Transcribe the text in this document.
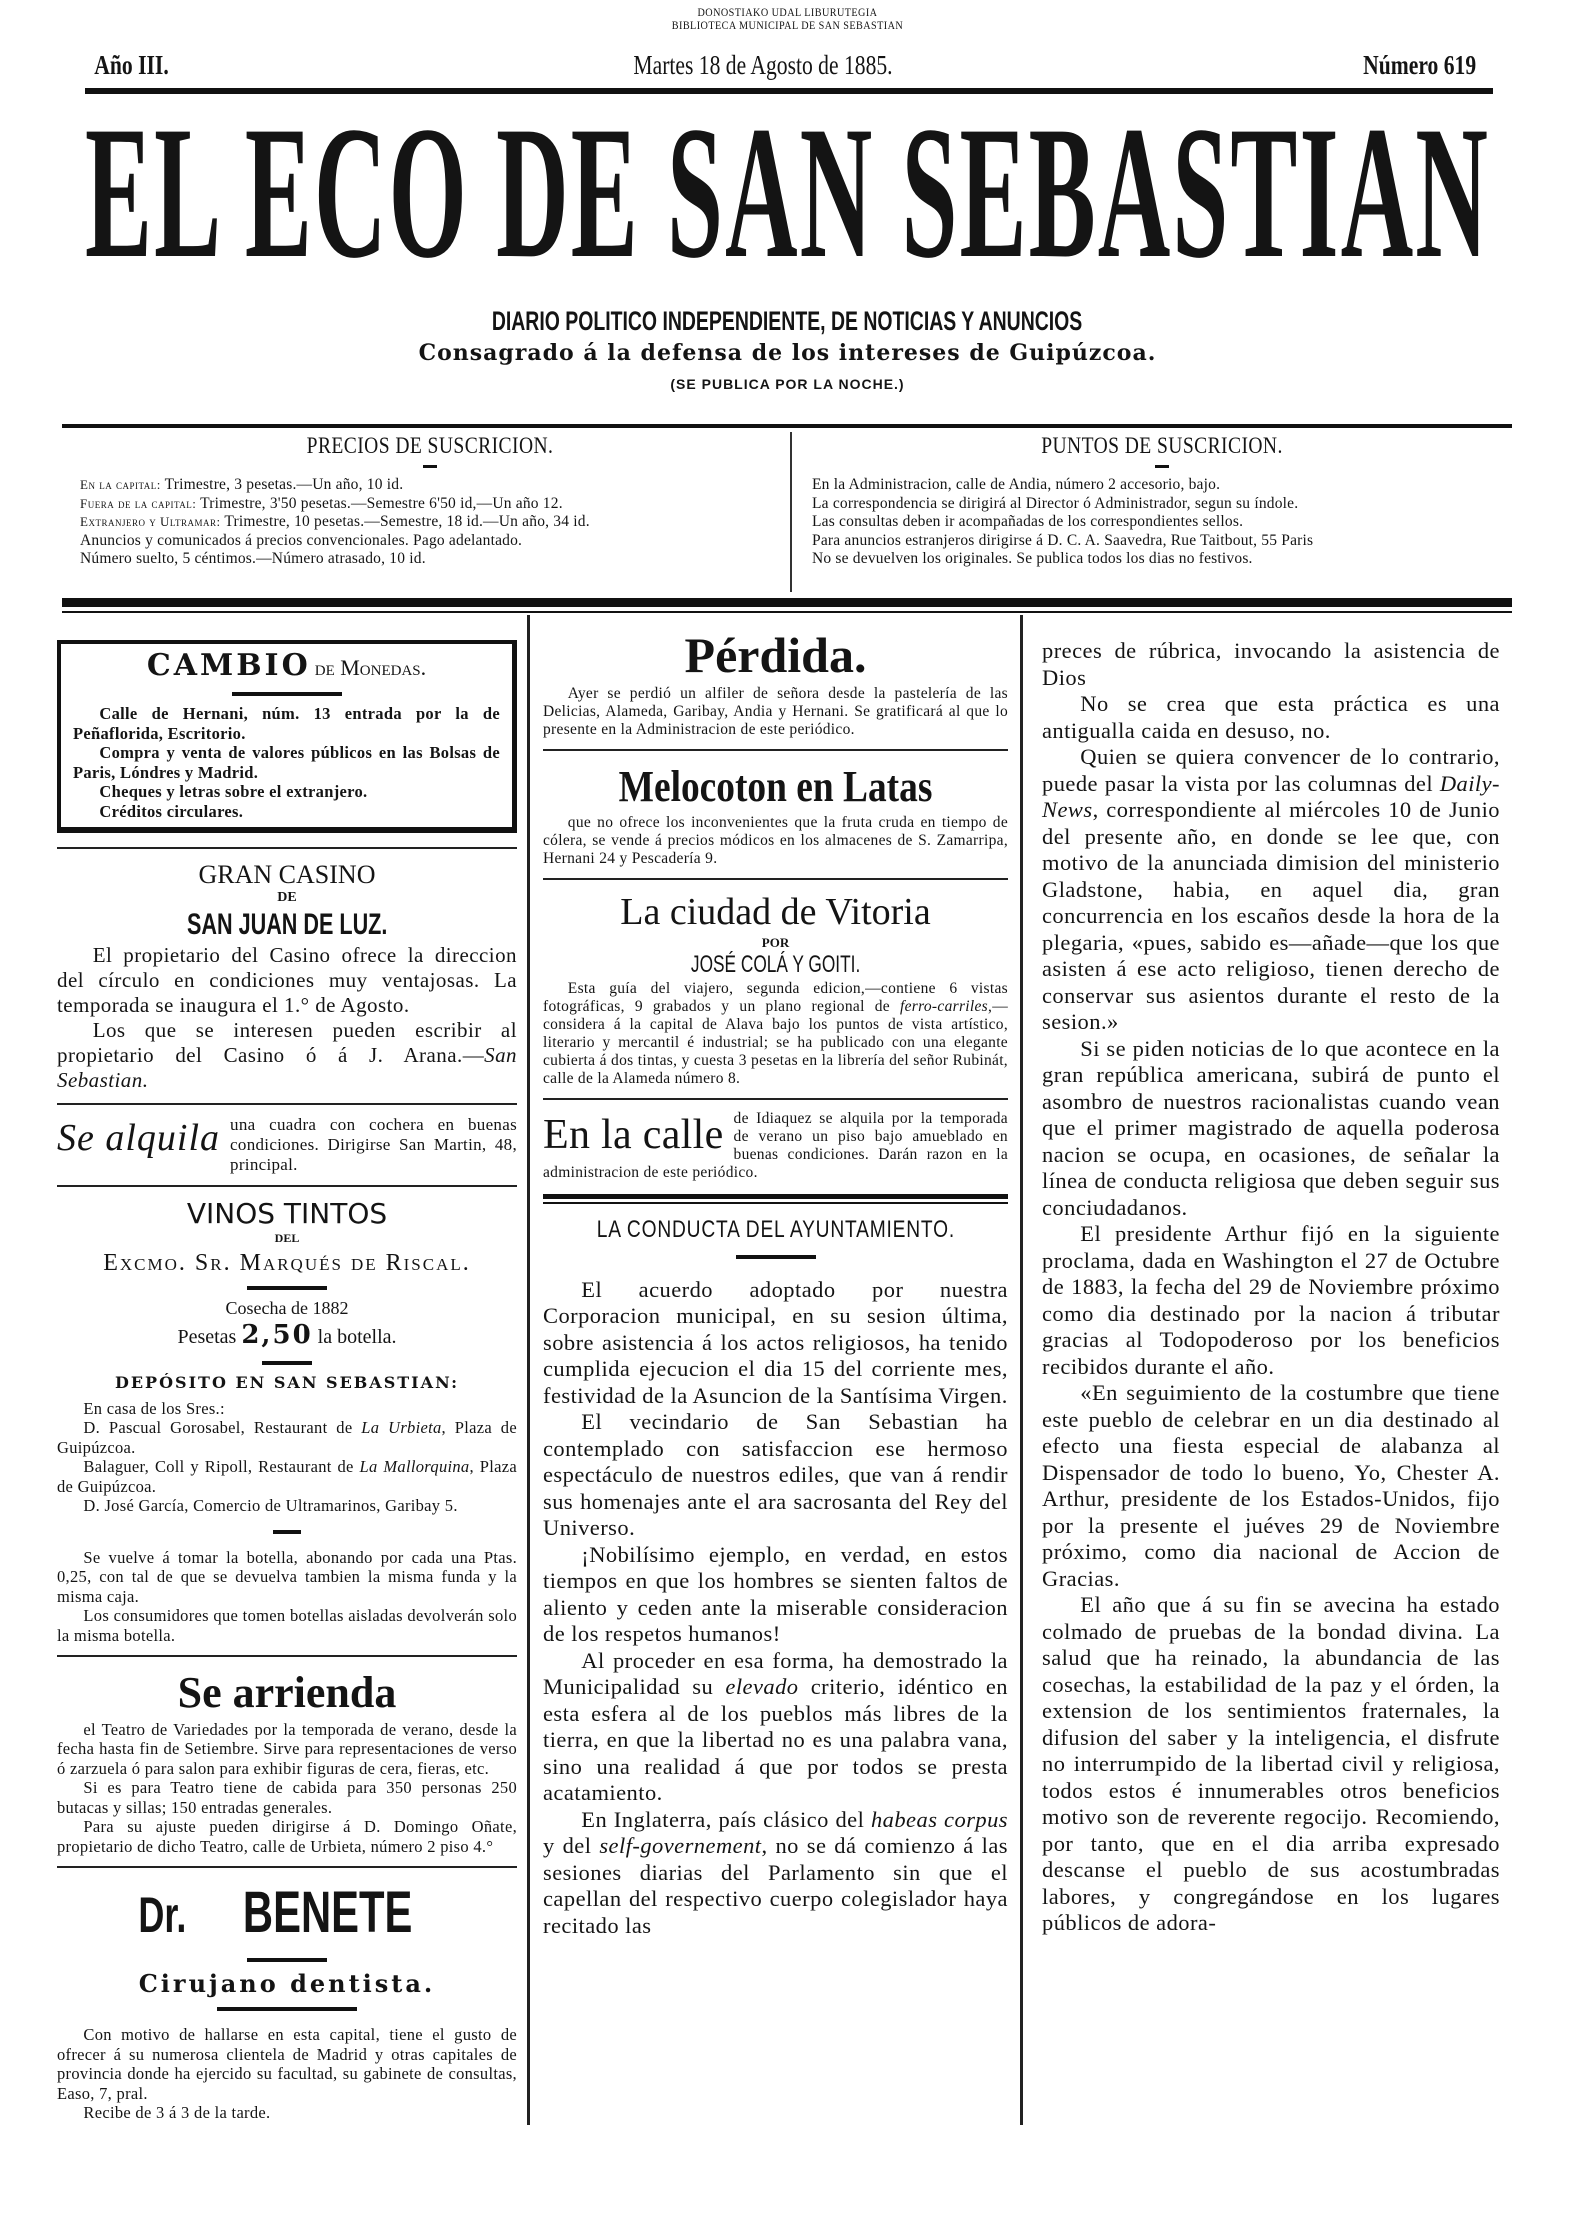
DONOSTIAKO UDAL LIBURUTEGIA
BIBLIOTECA MUNICIPAL DE SAN SEBASTIAN
Año III.	Martes 18 de Agosto de 1885.	Número 619
EL ECO DE SAN SEBASTIAN
DIARIO POLITICO INDEPENDIENTE, DE NOTICIAS Y ANUNCIOS
Consagrado á la defensa de los intereses de Guipúzcoa.
(SE PUBLICA POR LA NOCHE.)
PRECIOS DE SUSCRICION.
En la capital: Trimestre, 3 pesetas.—Un año, 10 id.
Fuera de la capital: Trimestre, 3'50 pesetas.—Semestre 6'50 id,—Un año 12.
Extranjero y Ultramar: Trimestre, 10 pesetas.—Semestre, 18 id.—Un año, 34 id.
Anuncios y comunicados á precios convencionales. Pago adelantado.
Número suelto, 5 céntimos.—Número atrasado, 10 id.
PUNTOS DE SUSCRICION.
En la Administracion, calle de Andia, número 2 accesorio, bajo.
La correspondencia se dirigirá al Director ó Administrador, segun su índole.
Las consultas deben ir acompañadas de los correspondientes sellos.
Para anuncios estranjeros dirigirse á D. C. A. Saavedra, Rue Taitbout, 55 Paris
No se devuelven los originales. Se publica todos los dias no festivos.
CAMBIO de Monedas.

Calle de Hernani, núm. 13 entrada por la de Peñaflorida, Escritorio.

Compra y venta de valores públicos en las Bolsas de Paris, Lóndres y Madrid.

Cheques y letras sobre el extranjero.

Créditos circulares.

GRAN CASINO
DE
SAN JUAN DE LUZ.

El propietario del Casino ofrece la direccion del círculo en condiciones muy ventajosas. La temporada se inaugura el 1.° de Agosto.

Los que se interesen pueden escribir al propietario del Casino ó á J. Arana.—San Sebastian.

Se alquila una cuadra con cochera en buenas condiciones. Dirigirse San Martin, 48, principal.
VINOS TINTOS
DEL
Excmo. Sr. Marqués de Riscal.
Cosecha de 1882
Pesetas 2,50 la botella.
DEPÓSITO EN SAN SEBASTIAN:

En casa de los Sres.:

D. Pascual Gorosabel, Restaurant de La Urbieta, Plaza de Guipúzcoa.

Balaguer, Coll y Ripoll, Restaurant de La Mallorquina, Plaza de Guipúzcoa.

D. José García, Comercio de Ultramarinos, Garibay 5.

Se vuelve á tomar la botella, abonando por cada una Ptas. 0,25, con tal de que se devuelva tambien la misma funda y la misma caja.

Los consumidores que tomen botellas aisladas devolverán solo la misma botella.

Se arrienda

el Teatro de Variedades por la temporada de verano, desde la fecha hasta fin de Setiembre. Sirve para representaciones de verso ó zarzuela ó para salon para exhibir figuras de cera, fieras, etc.

Si es para Teatro tiene de cabida para 350 personas 250 butacas y sillas; 150 entradas generales.

Para su ajuste pueden dirigirse á D. Domingo Oñate, propietario de dicho Teatro, calle de Urbieta, número 2 piso 4.°

Dr. BENETE
Cirujano dentista.

Con motivo de hallarse en esta capital, tiene el gusto de ofrecer á su numerosa clientela de Madrid y otras capitales de provincia donde ha ejercido su facultad, su gabinete de consultas, Easo, 7, pral.

Recibe de 3 á 3 de la tarde.

Pérdida.

Ayer se perdió un alfiler de señora desde la pastelería de las Delicias, Alameda, Garibay, Andia y Hernani. Se gratificará al que lo presente en la Administracion de este periódico.

Melocoton en Latas

que no ofrece los inconvenientes que la fruta cruda en tiempo de cólera, se vende á precios módicos en los almacenes de S. Zamarripa, Hernani 24 y Pescadería 9.

La ciudad de Vitoria
POR
JOSÉ COLÁ Y GOITI.

Esta guía del viajero, segunda edicion,—contiene 6 vistas fotográficas, 9 grabados y un plano regional de ferro-carriles,—considera á la capital de Alava bajo los puntos de vista artístico, literario y mercantil é industrial; se ha publicado con una elegante cubierta á dos tintas, y cuesta 3 pesetas en la librería del señor Rubinát, calle de la Alameda número 8.

En la calle de Idiaquez se alquila por la temporada de verano un piso bajo amueblado en buenas condiciones. Darán razon en la administracion de este periódico.
LA CONDUCTA DEL AYUNTAMIENTO.

El acuerdo adoptado por nuestra Corporacion municipal, en su sesion última, sobre asistencia á los actos religiosos, ha tenido cumplida ejecucion el dia 15 del corriente mes, festividad de la Asuncion de la Santísima Virgen.

El vecindario de San Sebastian ha contemplado con satisfaccion ese hermoso espectáculo de nuestros ediles, que van á rendir sus homenajes ante el ara sacrosanta del Rey del Universo.

¡Nobilísimo ejemplo, en verdad, en estos tiempos en que los hombres se sienten faltos de aliento y ceden ante la miserable consideracion de los respetos humanos!

Al proceder en esa forma, ha demostrado la Municipalidad su elevado criterio, idéntico en esta esfera al de los pueblos más libres de la tierra, en que la libertad no es una palabra vana, sino una realidad á que por todos se presta acatamiento.

En Inglaterra, país clásico del habeas corpus y del self-governement, no se dá comienzo á las sesiones diarias del Parlamento sin que el capellan del respectivo cuerpo colegislador haya recitado las

preces de rúbrica, invocando la asistencia de Dios

No se crea que esta práctica es una antigualla caida en desuso, no.

Quien se quiera convencer de lo contrario, puede pasar la vista por las columnas del Daily-News, correspondiente al miércoles 10 de Junio del presente año, en donde se lee que, con motivo de la anunciada dimision del ministerio Gladstone, habia, en aquel dia, gran concurrencia en los escaños desde la hora de la plegaria, «pues, sabido es—añade—que los que asisten á ese acto religioso, tienen derecho de conservar sus asientos durante el resto de la sesion.»

Si se piden noticias de lo que acontece en la gran república americana, subirá de punto el asombro de nuestros racionalistas cuando vean que el primer magistrado de aquella poderosa nacion se ocupa, en ocasiones, de señalar la línea de conducta religiosa que deben seguir sus conciudadanos.

El presidente Arthur fijó en la siguiente proclama, dada en Washington el 27 de Octubre de 1883, la fecha del 29 de Noviembre próximo como dia destinado por la nacion á tributar gracias al Todopoderoso por los beneficios recibidos durante el año.

«En seguimiento de la costumbre que tiene este pueblo de celebrar en un dia destinado al efecto una fiesta especial de alabanza al Dispensador de todo lo bueno, Yo, Chester A. Arthur, presidente de los Estados-Unidos, fijo por la presente el juéves 29 de Noviembre próximo, como dia nacional de Accion de Gracias.

El año que á su fin se avecina ha estado colmado de pruebas de la bondad divina. La salud que ha reinado, la abundancia de las cosechas, la estabilidad de la paz y el órden, la extension de los sentimientos fraternales, la difusion del saber y la inteligencia, el disfrute no interrumpido de la libertad civil y religiosa, todos estos é innumerables otros beneficios motivo son de reverente regocijo. Recomiendo, por tanto, que en el dia arriba expresado descanse el pueblo de sus acostumbradas labores, y congregándose en los lugares públicos de adora-
